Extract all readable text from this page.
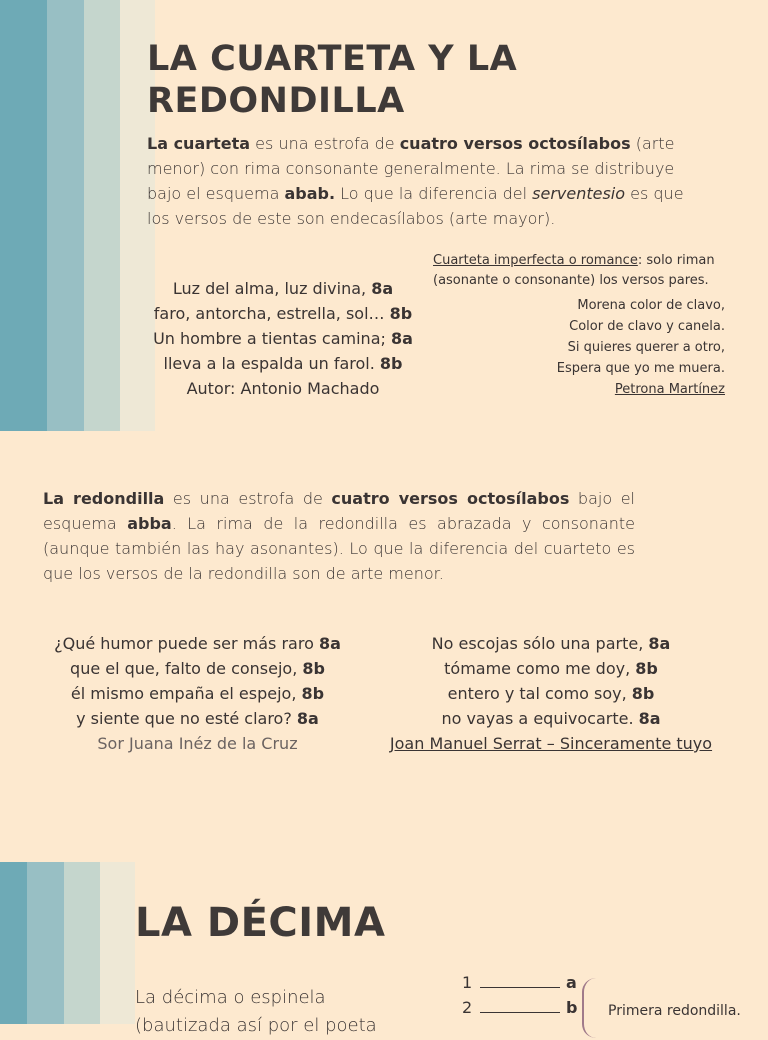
LA CUARTETA Y LA REDONDILLA

La cuarteta es una estrofa de cuatro versos octosílabos (arte menor) con rima consonante generalmente. La rima se distribuye bajo el esquema abab. Lo que la diferencia del serventesio es que los versos de este son endecasílabos (arte mayor).

Luz del alma, luz divina, 8a
faro, antorcha, estrella, sol… 8b
Un hombre a tientas camina; 8a
lleva a la espalda un farol. 8b
Autor: Antonio Machado
Cuarteta imperfecta o romance: solo riman (asonante o consonante) los versos pares.
Morena color de clavo,
Color de clavo y canela.
Si quieres querer a otro,
Espera que yo me muera.
Petrona Martínez

La redondilla es una estrofa de cuatro versos octosílabos bajo el esquema abba. La rima de la redondilla es abrazada y consonante (aunque también las hay asonantes). Lo que la diferencia del cuarteto es que los versos de la redondilla son de arte menor.

¿Qué humor puede ser más raro 8a
que el que, falto de consejo, 8b
él mismo empaña el espejo, 8b
y siente que no esté claro? 8a
Sor Juana Inéz de la Cruz
No escojas sólo una parte, 8a
tómame como me doy, 8b
entero y tal como soy, 8b
no vayas a equivocarte. 8a
Joan Manuel Serrat – Sinceramente tuyo
LA DÉCIMA

La décima o espinela (bautizada así por el poeta

1	a
2	b Primera redondilla.
